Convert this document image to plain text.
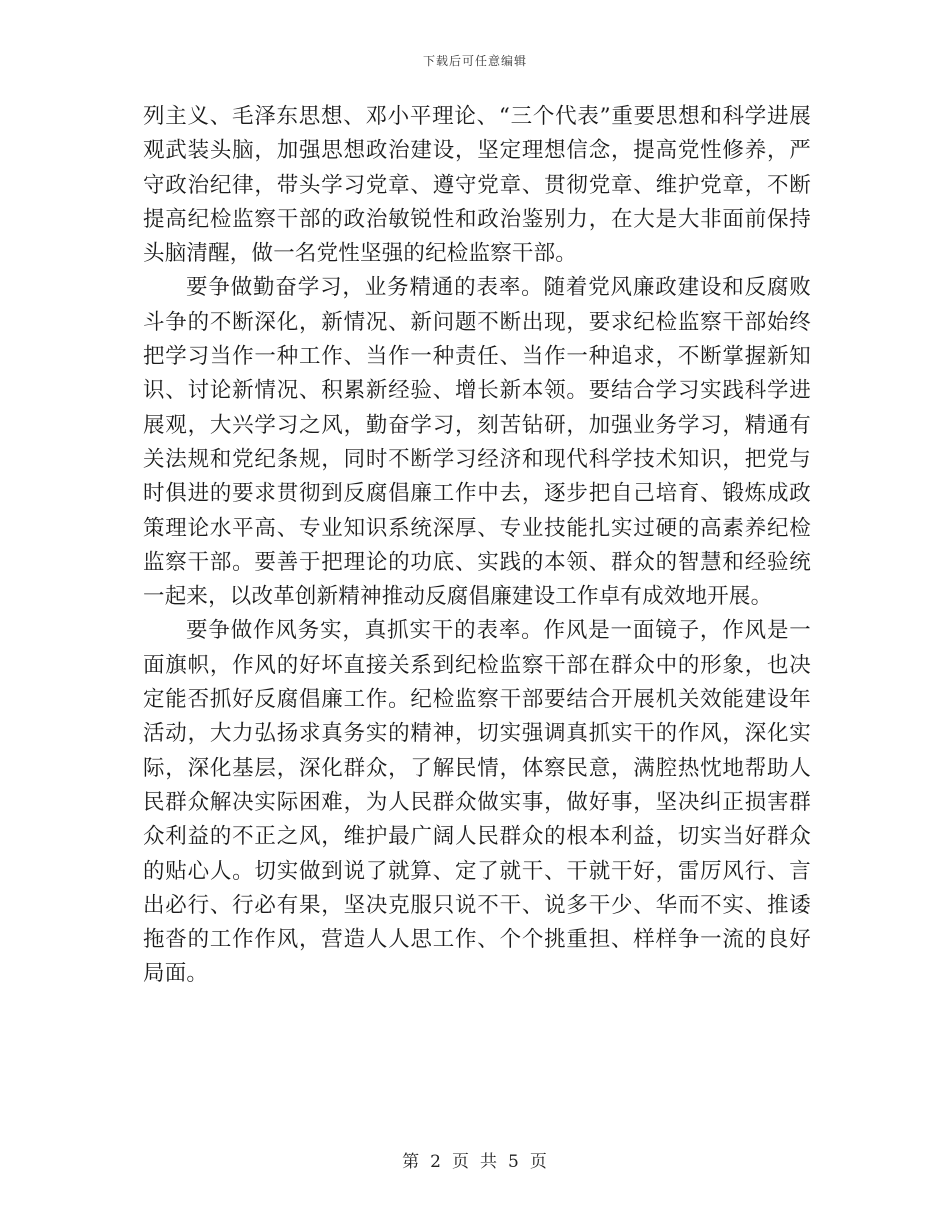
下载后可任意编辑

列主义、毛泽东思想、邓小平理论、“三个代表”重要思想和科学进展观武装头脑，加强思想政治建设，坚定理想信念，提高党性修养，严守政治纪律，带头学习党章、遵守党章、贯彻党章、维护党章，不断提高纪检监察干部的政治敏锐性和政治鉴别力，在大是大非面前保持头脑清醒，做一名党性坚强的纪检监察干部。

要争做勤奋学习，业务精通的表率。随着党风廉政建设和反腐败斗争的不断深化，新情况、新问题不断出现，要求纪检监察干部始终把学习当作一种工作、当作一种责任、当作一种追求，不断掌握新知识、讨论新情况、积累新经验、增长新本领。要结合学习实践科学进展观，大兴学习之风，勤奋学习，刻苦钻研，加强业务学习，精通有关法规和党纪条规，同时不断学习经济和现代科学技术知识，把党与时俱进的要求贯彻到反腐倡廉工作中去，逐步把自己培育、锻炼成政策理论水平高、专业知识系统深厚、专业技能扎实过硬的高素养纪检监察干部。要善于把理论的功底、实践的本领、群众的智慧和经验统一起来，以改革创新精神推动反腐倡廉建设工作卓有成效地开展。

要争做作风务实，真抓实干的表率。作风是一面镜子，作风是一面旗帜，作风的好坏直接关系到纪检监察干部在群众中的形象，也决定能否抓好反腐倡廉工作。纪检监察干部要结合开展机关效能建设年活动，大力弘扬求真务实的精神，切实强调真抓实干的作风，深化实际，深化基层，深化群众，了解民情，体察民意，满腔热忱地帮助人民群众解决实际困难，为人民群众做实事，做好事，坚决纠正损害群众利益的不正之风，维护最广阔人民群众的根本利益，切实当好群众的贴心人。切实做到说了就算、定了就干、干就干好，雷厉风行、言出必行、行必有果，坚决克服只说不干、说多干少、华而不实、推诿拖沓的工作作风，营造人人思工作、个个挑重担、样样争一流的良好局面。

第 2 页 共 5 页
